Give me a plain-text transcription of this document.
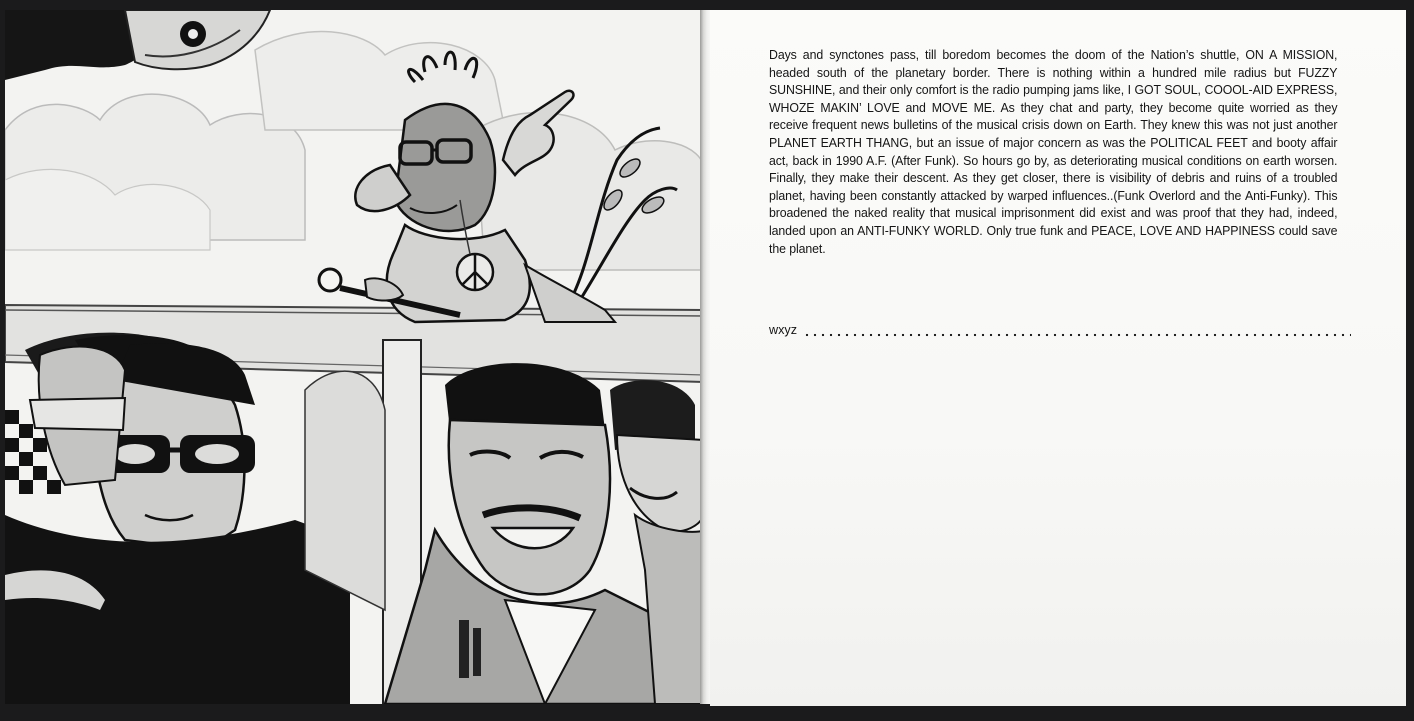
Days and synctones pass, till boredom becomes the doom of the Nation’s shuttle, ON A MISSION, headed south of the planetary border. There is nothing within a hundred mile radius but FUZZY SUNSHINE, and their only comfort is the radio pumping jams like, I GOT SOUL, COOOL-AID EXPRESS, WHOZE MAKIN’ LOVE and MOVE ME. As they chat and party, they become quite worried as they receive frequent news bulletins of the musical crisis down on Earth. They knew this was not just another PLANET EARTH THANG, but an issue of major concern as was the POLITICAL FEET and booty affair act, back in 1990 A.F. (After Funk). So hours go by, as deteriorating musical conditions on earth worsen. Finally, they make their descent. As they get closer, there is visibility of debris and ruins of a troubled planet, having been constantly attacked by warped influences..(Funk Overlord and the Anti-Funky). This broadened the naked reality that musical imprisonment did exist and was proof that they had, indeed, landed upon an ANTI-FUNKY WORLD. Only true funk and PEACE, LOVE AND HAPPINESS could save the planet.

wxyz
